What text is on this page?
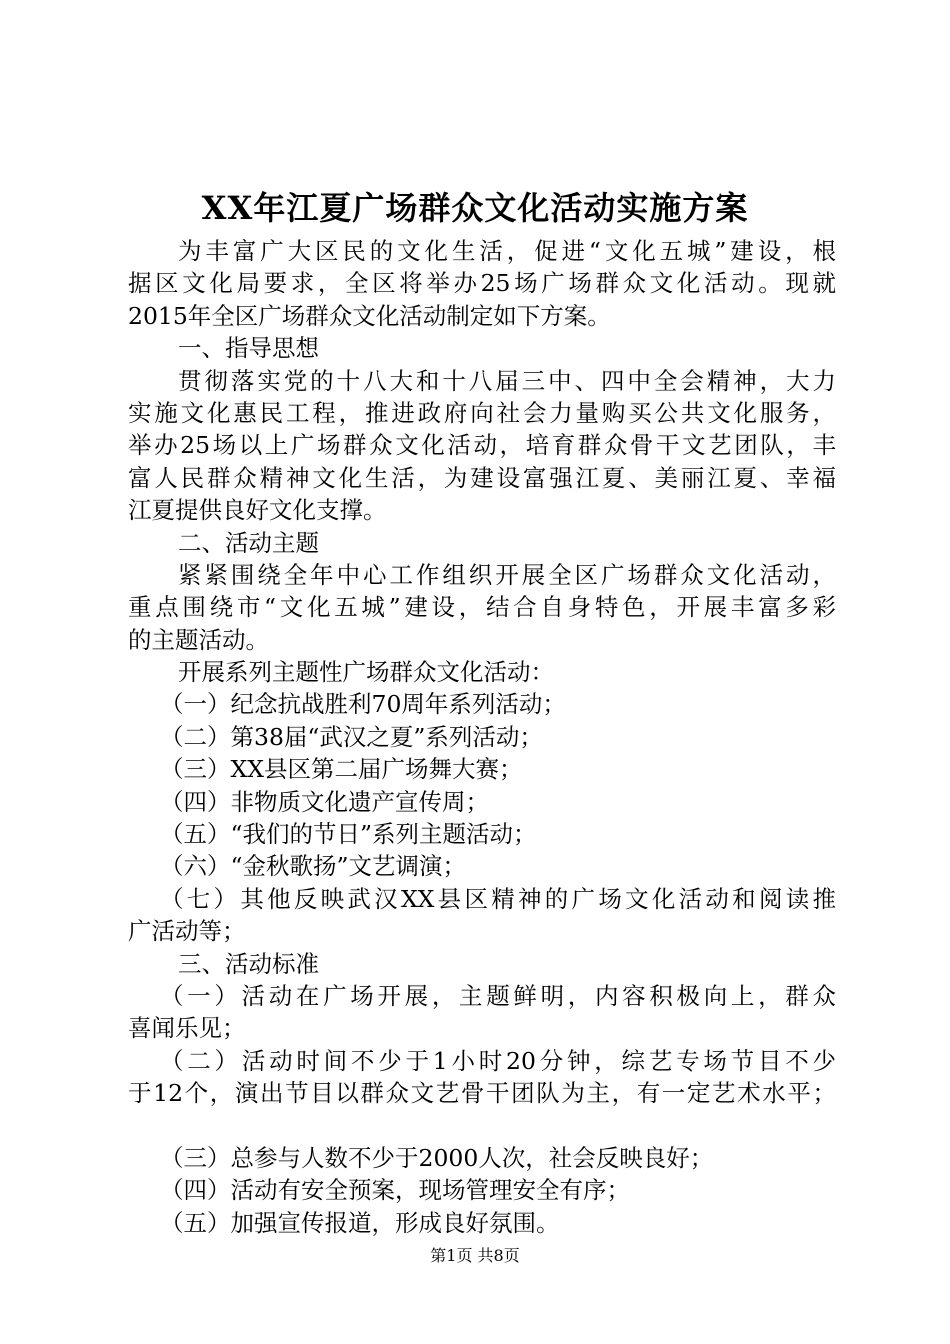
XX年江夏广场群众文化活动实施方案
为丰富广大区民的文化生活，促进“文化五城”建设，根
据区文化局要求，全区将举办25场广场群众文化活动。现就
2015年全区广场群众文化活动制定如下方案。
一、指导思想
贯彻落实党的十八大和十八届三中、四中全会精神，大力
实施文化惠民工程，推进政府向社会力量购买公共文化服务，
举办25场以上广场群众文化活动，培育群众骨干文艺团队，丰
富人民群众精神文化生活，为建设富强江夏、美丽江夏、幸福
江夏提供良好文化支撑。
二、活动主题
紧紧围绕全年中心工作组织开展全区广场群众文化活动，
重点围绕市“文化五城”建设，结合自身特色，开展丰富多彩
的主题活动。
开展系列主题性广场群众文化活动：
（一）纪念抗战胜利70周年系列活动；
（二）第38届“武汉之夏”系列活动；
（三）XX县区第二届广场舞大赛；
（四）非物质文化遗产宣传周；
（五）“我们的节日”系列主题活动；
（六）“金秋歌扬”文艺调演；
（七）其他反映武汉XX县区精神的广场文化活动和阅读推
广活动等；
三、活动标准
（一）活动在广场开展，主题鲜明，内容积极向上，群众
喜闻乐见；
（二）活动时间不少于1小时20分钟，综艺专场节目不少
于12个，演出节目以群众文艺骨干团队为主，有一定艺术水平；
（三）总参与人数不少于2000人次，社会反映良好；
（四）活动有安全预案，现场管理安全有序；
（五）加强宣传报道，形成良好氛围。
第1页 共8页
